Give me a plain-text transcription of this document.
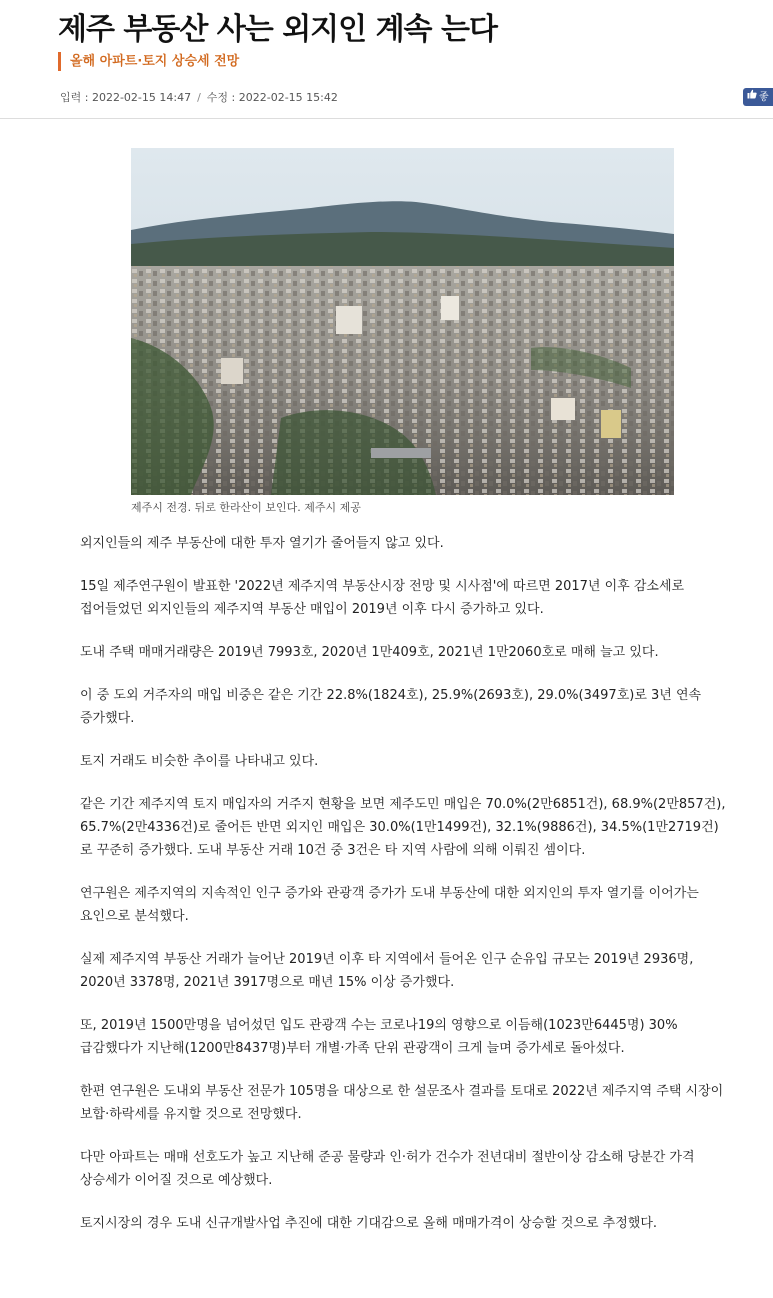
제주 부동산 사는 외지인 계속 는다
올해 아파트·토지 상승세 전망
입력 : 2022-02-15 14:47 / 수정 : 2022-02-15 15:42	좋
제주시 전경. 뒤로 한라산이 보인다. 제주시 제공

외지인들의 제주 부동산에 대한 투자 열기가 줄어들지 않고 있다.

15일 제주연구원이 발표한 '2022년 제주지역 부동산시장 전망 및 시사점'에 따르면 2017년 이후 감소세로 접어들었던 외지인들의 제주지역 부동산 매입이 2019년 이후 다시 증가하고 있다.

도내 주택 매매거래량은 2019년 7993호, 2020년 1만409호, 2021년 1만2060호로 매해 늘고 있다.

이 중 도외 거주자의 매입 비중은 같은 기간 22.8%(1824호), 25.9%(2693호), 29.0%(3497호)로 3년 연속 증가했다.

토지 거래도 비슷한 추이를 나타내고 있다.

같은 기간 제주지역 토지 매입자의 거주지 현황을 보면 제주도민 매입은 70.0%(2만6851건), 68.9%(2만857건), 65.7%(2만4336건)로 줄어든 반면 외지인 매입은 30.0%(1만1499건), 32.1%(9886건), 34.5%(1만2719건)로 꾸준히 증가했다. 도내 부동산 거래 10건 중 3건은 타 지역 사람에 의해 이뤄진 셈이다.

연구원은 제주지역의 지속적인 인구 증가와 관광객 증가가 도내 부동산에 대한 외지인의 투자 열기를 이어가는 요인으로 분석했다.

실제 제주지역 부동산 거래가 늘어난 2019년 이후 타 지역에서 들어온 인구 순유입 규모는 2019년 2936명, 2020년 3378명, 2021년 3917명으로 매년 15% 이상 증가했다.

또, 2019년 1500만명을 넘어섰던 입도 관광객 수는 코로나19의 영향으로 이듬해(1023만6445명) 30% 급감했다가 지난해(1200만8437명)부터 개별·가족 단위 관광객이 크게 늘며 증가세로 돌아섰다.

한편 연구원은 도내외 부동산 전문가 105명을 대상으로 한 설문조사 결과를 토대로 2022년 제주지역 주택 시장이 보합·하락세를 유지할 것으로 전망했다.

다만 아파트는 매매 선호도가 높고 지난해 준공 물량과 인·허가 건수가 전년대비 절반이상 감소해 당분간 가격 상승세가 이어질 것으로 예상했다.

토지시장의 경우 도내 신규개발사업 추진에 대한 기대감으로 올해 매매가격이 상승할 것으로 추정했다.
